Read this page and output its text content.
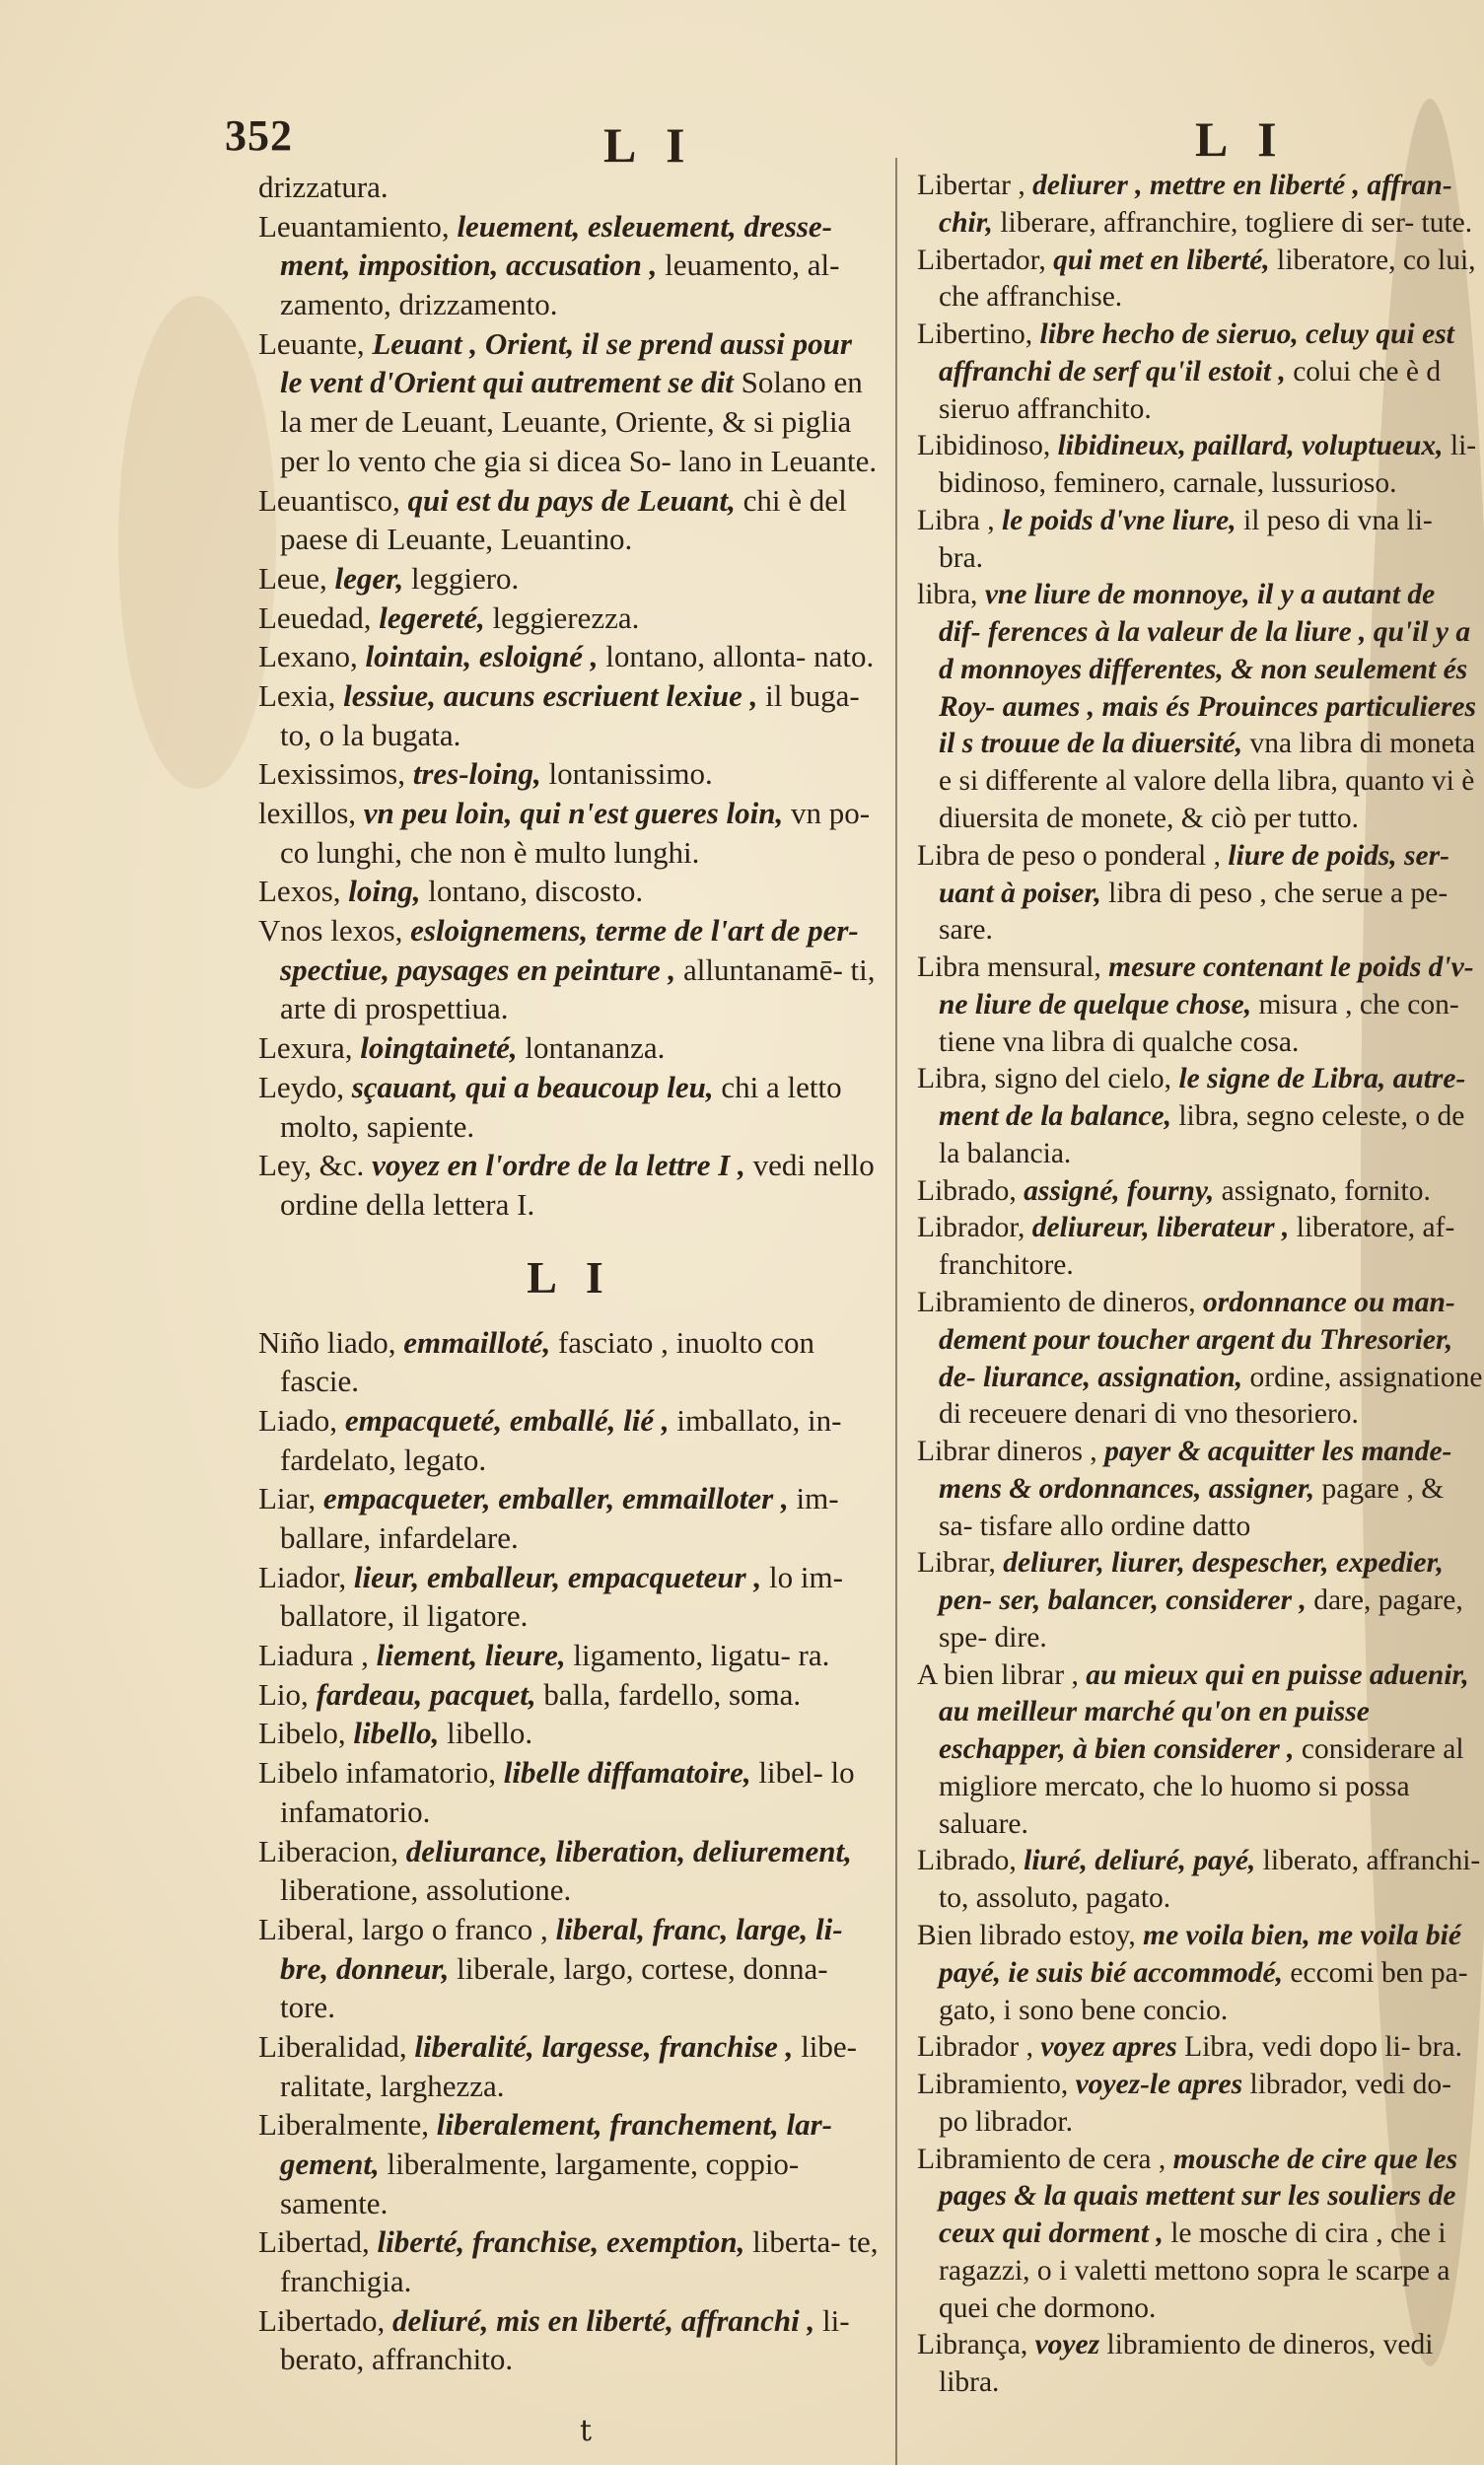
352	L I	L I

drizzatura.

Leuantamiento, leuement, esleuement, dresse- ment, imposition, accusation , leuamento, al- zamento, drizzamento.

Leuante, Leuant , Orient, il se prend aussi pour le vent d'Orient qui autrement se dit Solano en la mer de Leuant, Leuante, Oriente, & si piglia per lo vento che gia si dicea So- lano in Leuante.

Leuantisco, qui est du pays de Leuant, chi è del paese di Leuante, Leuantino.

Leue, leger, leggiero.

Leuedad, legereté, leggierezza.

Lexano, lointain, esloigné , lontano, allonta- nato.

Lexia, lessiue, aucuns escriuent lexiue , il buga- to, o la bugata.

Lexissimos, tres-loing, lontanissimo.

lexillos, vn peu loin, qui n'est gueres loin, vn po- co lunghi, che non è multo lunghi.

Lexos, loing, lontano, discosto.

Vnos lexos, esloignemens, terme de l'art de per- spectiue, paysages en peinture , alluntanamē- ti, arte di prospettiua.

Lexura, loingtaineté, lontananza.

Leydo, sçauant, qui a beaucoup leu, chi a letto molto, sapiente.

Ley, &c. voyez en l'ordre de la lettre I , vedi nello ordine della lettera I.

L I

Niño liado, emmailloté, fasciato , inuolto con fascie.

Liado, empacqueté, emballé, lié , imballato, in- fardelato, legato.

Liar, empacqueter, emballer, emmailloter , im- ballare, infardelare.

Liador, lieur, emballeur, empacqueteur , lo im- ballatore, il ligatore.

Liadura , liement, lieure, ligamento, ligatu- ra.

Lio, fardeau, pacquet, balla, fardello, soma.

Libelo, libello, libello.

Libelo infamatorio, libelle diffamatoire, libel- lo infamatorio.

Liberacion, deliurance, liberation, deliurement, liberatione, assolutione.

Liberal, largo o franco , liberal, franc, large, li- bre, donneur, liberale, largo, cortese, donna- tore.

Liberalidad, liberalité, largesse, franchise , libe- ralitate, larghezza.

Liberalmente, liberalement, franchement, lar- gement, liberalmente, largamente, coppio- samente.

Libertad, liberté, franchise, exemption, liberta- te, franchigia.

Libertado, deliuré, mis en liberté, affranchi , li- berato, affranchito.

Libertar , deliurer , mettre en liberté , affran- chir, liberare, affranchire, togliere di ser- tute.

Libertador, qui met en liberté, liberatore, co lui, che affranchise.

Libertino, libre hecho de sieruo, celuy qui est affranchi de serf qu'il estoit , colui che è d sieruo affranchito.

Libidinoso, libidineux, paillard, voluptueux, li- bidinoso, feminero, carnale, lussurioso.

Libra , le poids d'vne liure, il peso di vna li- bra.

libra, vne liure de monnoye, il y a autant de dif- ferences à la valeur de la liure , qu'il y a d monnoyes differentes, & non seulement és Roy- aumes , mais és Prouinces particulieres il s trouue de la diuersité, vna libra di moneta e si differente al valore della libra, quanto vi è diuersita de monete, & ciò per tutto.

Libra de peso o ponderal , liure de poids, ser- uant à poiser, libra di peso , che serue a pe- sare.

Libra mensural, mesure contenant le poids d'v- ne liure de quelque chose, misura , che con- tiene vna libra di qualche cosa.

Libra, signo del cielo, le signe de Libra, autre- ment de la balance, libra, segno celeste, o de la balancia.

Librado, assigné, fourny, assignato, fornito.

Librador, deliureur, liberateur , liberatore, af- franchitore.

Libramiento de dineros, ordonnance ou man- dement pour toucher argent du Thresorier, de- liurance, assignation, ordine, assignatione di receuere denari di vno thesoriero.

Librar dineros , payer & acquitter les mande- mens & ordonnances, assigner, pagare , & sa- tisfare allo ordine datto

Librar, deliurer, liurer, despescher, expedier, pen- ser, balancer, considerer , dare, pagare, spe- dire.

A bien librar , au mieux qui en puisse aduenir, au meilleur marché qu'on en puisse eschapper, à bien considerer , considerare al migliore mercato, che lo huomo si possa saluare.

Librado, liuré, deliuré, payé, liberato, affranchi- to, assoluto, pagato.

Bien librado estoy, me voila bien, me voila bié payé, ie suis bié accommodé, eccomi ben pa- gato, i sono bene concio.

Librador , voyez apres Libra, vedi dopo li- bra.

Libramiento, voyez-le apres librador, vedi do- po librador.

Libramiento de cera , mousche de cire que les pages & la quais mettent sur les souliers de ceux qui dorment , le mosche di cira , che i ragazzi, o i valetti mettono sopra le scarpe a quei che dormono.

Librança, voyez libramiento de dineros, vedi libra.

t
